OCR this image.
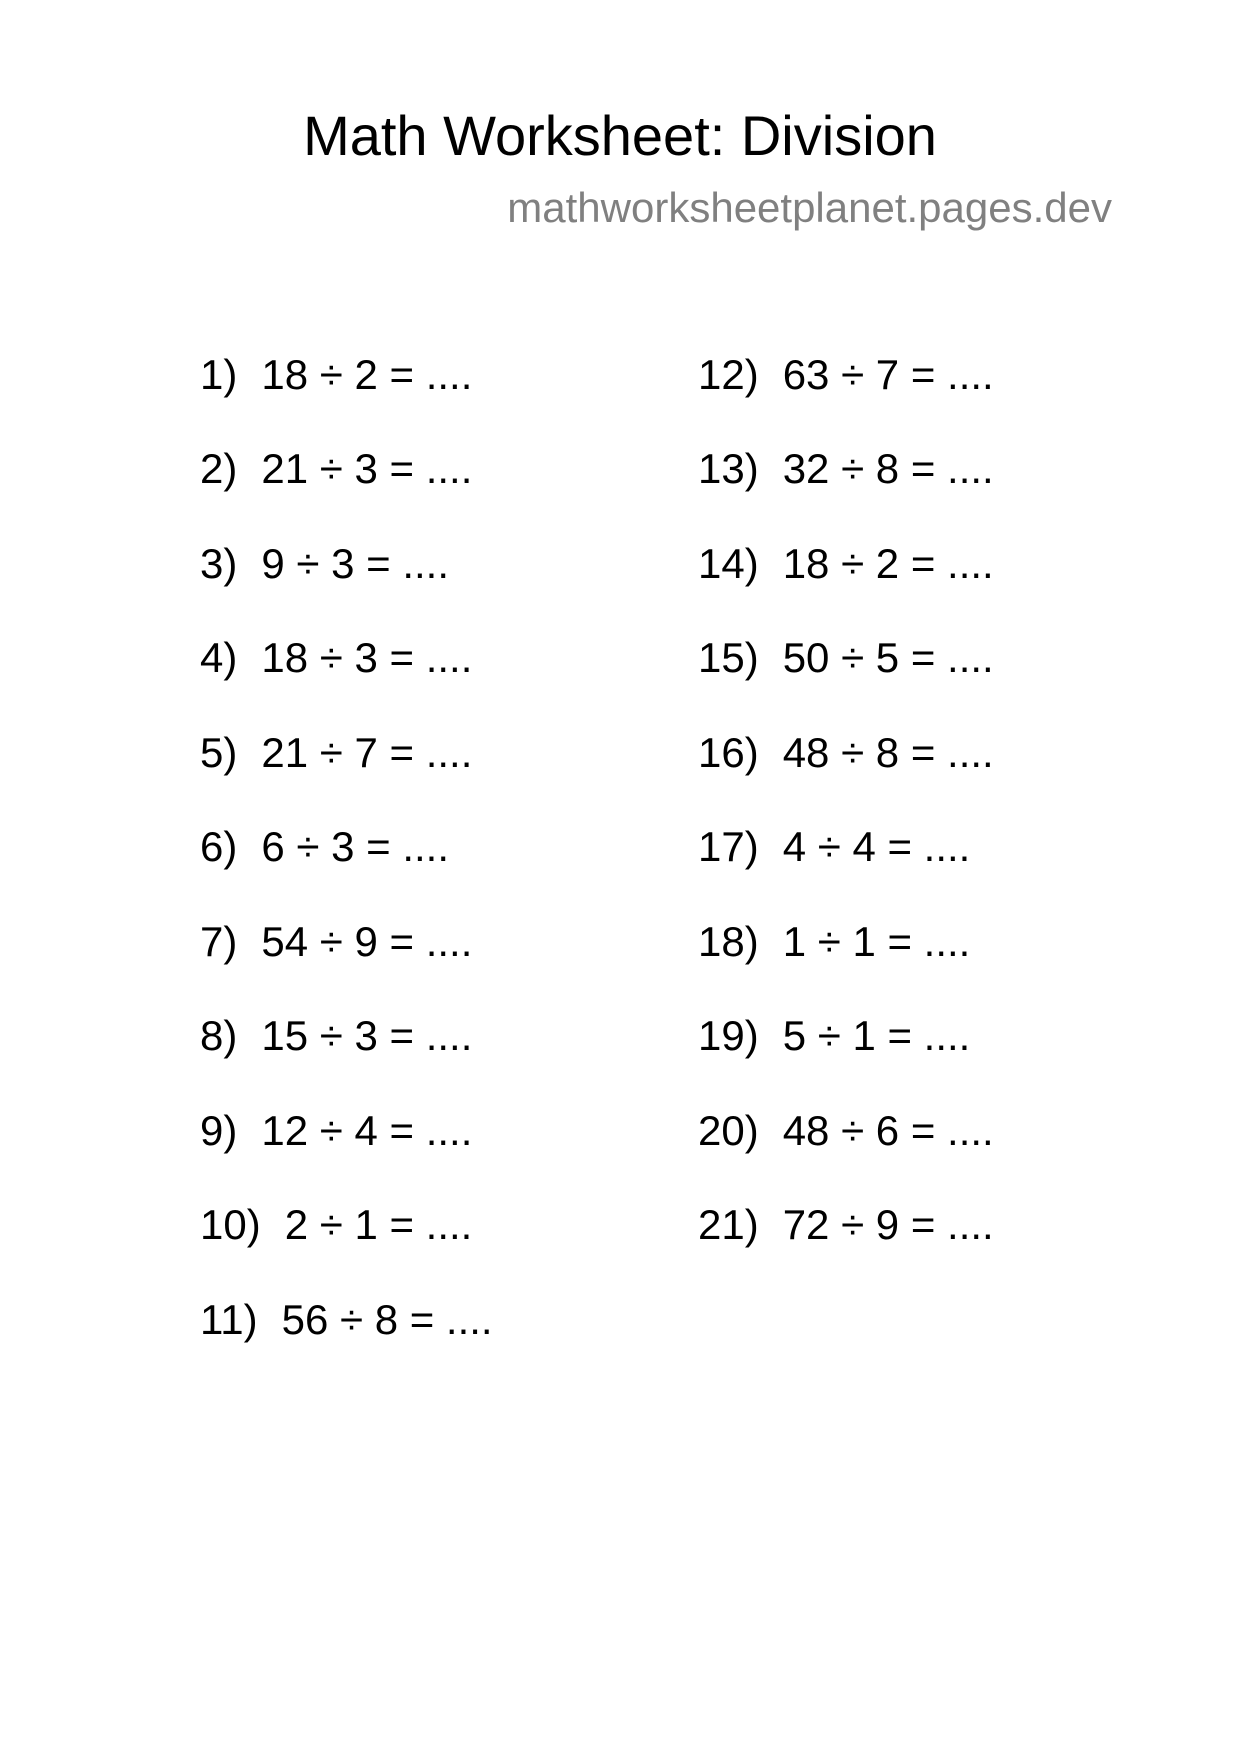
Math Worksheet: Division
mathworksheetplanet.pages.dev
1) 18 ÷ 2 = ....
2) 21 ÷ 3 = ....
3) 9 ÷ 3 = ....
4) 18 ÷ 3 = ....
5) 21 ÷ 7 = ....
6) 6 ÷ 3 = ....
7) 54 ÷ 9 = ....
8) 15 ÷ 3 = ....
9) 12 ÷ 4 = ....
10) 2 ÷ 1 = ....
11) 56 ÷ 8 = ....
12) 63 ÷ 7 = ....
13) 32 ÷ 8 = ....
14) 18 ÷ 2 = ....
15) 50 ÷ 5 = ....
16) 48 ÷ 8 = ....
17) 4 ÷ 4 = ....
18) 1 ÷ 1 = ....
19) 5 ÷ 1 = ....
20) 48 ÷ 6 = ....
21) 72 ÷ 9 = ....
